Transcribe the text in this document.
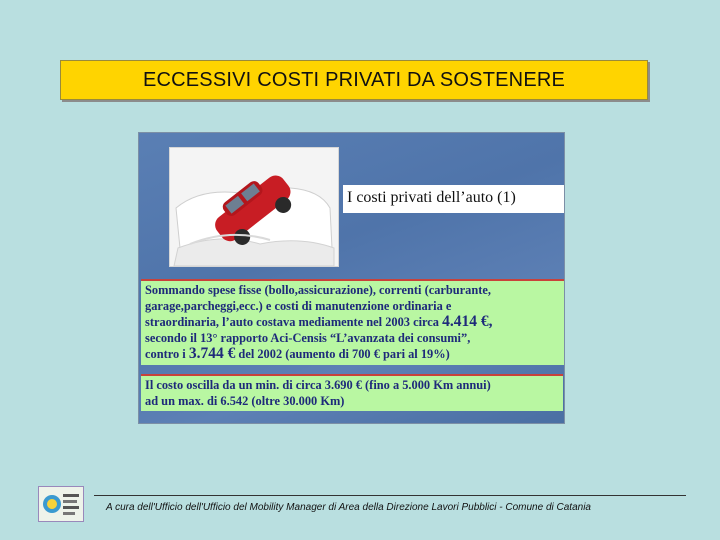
ECCESSIVI COSTI PRIVATI DA SOSTENERE
I costi privati dell’auto (1)
Sommando spese fisse (bollo,assicurazione), correnti (carburante,
garage,parcheggi,ecc.) e costi di manutenzione ordinaria e
straordinaria, l’auto costava mediamente nel 2003 circa 4.414 €,
secondo il 13° rapporto Aci-Censis “L’avanzata dei consumi”,
contro i 3.744 € del 2002 (aumento di 700 € pari al 19%)
Il costo oscilla da un min. di circa 3.690 € (fino a 5.000 Km annui)
ad un max. di 6.542 (oltre 30.000 Km)
A cura dell'Ufficio dell'Ufficio del Mobility Manager di Area della Direzione Lavori Pubblici - Comune di Catania
